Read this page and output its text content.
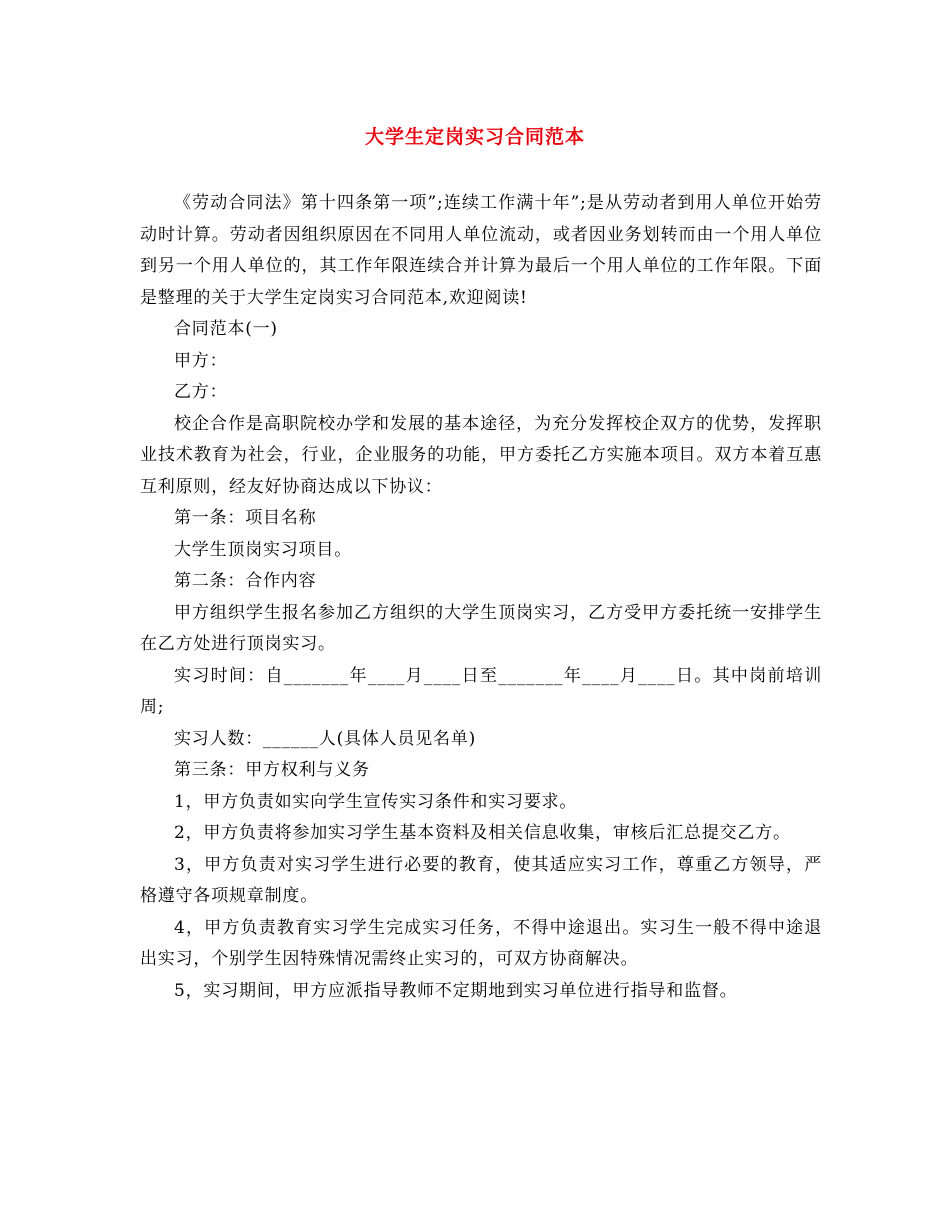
大学生定岗实习合同范本

《劳动合同法》第十四条第一项”;连续工作满十年”;是从劳动者到用人单位开始劳动时计算。劳动者因组织原因在不同用人单位流动，或者因业务划转而由一个用人单位到另一个用人单位的，其工作年限连续合并计算为最后一个用人单位的工作年限。下面是整理的关于大学生定岗实习合同范本,欢迎阅读!

合同范本(一)

甲方：

乙方：

校企合作是高职院校办学和发展的基本途径，为充分发挥校企双方的优势，发挥职业技术教育为社会，行业，企业服务的功能，甲方委托乙方实施本项目。双方本着互惠互利原则，经友好协商达成以下协议：

第一条：项目名称

大学生顶岗实习项目。

第二条：合作内容

甲方组织学生报名参加乙方组织的大学生顶岗实习，乙方受甲方委托统一安排学生在乙方处进行顶岗实习。

实习时间：自_______年____月____日至_______年____月____日。其中岗前培训周;

实习人数：______人(具体人员见名单)

第三条：甲方权利与义务

1，甲方负责如实向学生宣传实习条件和实习要求。

2，甲方负责将参加实习学生基本资料及相关信息收集，审核后汇总提交乙方。

3，甲方负责对实习学生进行必要的教育，使其适应实习工作，尊重乙方领导，严格遵守各项规章制度。

4，甲方负责教育实习学生完成实习任务，不得中途退出。实习生一般不得中途退出实习，个别学生因特殊情况需终止实习的，可双方协商解决。

5，实习期间，甲方应派指导教师不定期地到实习单位进行指导和监督。
